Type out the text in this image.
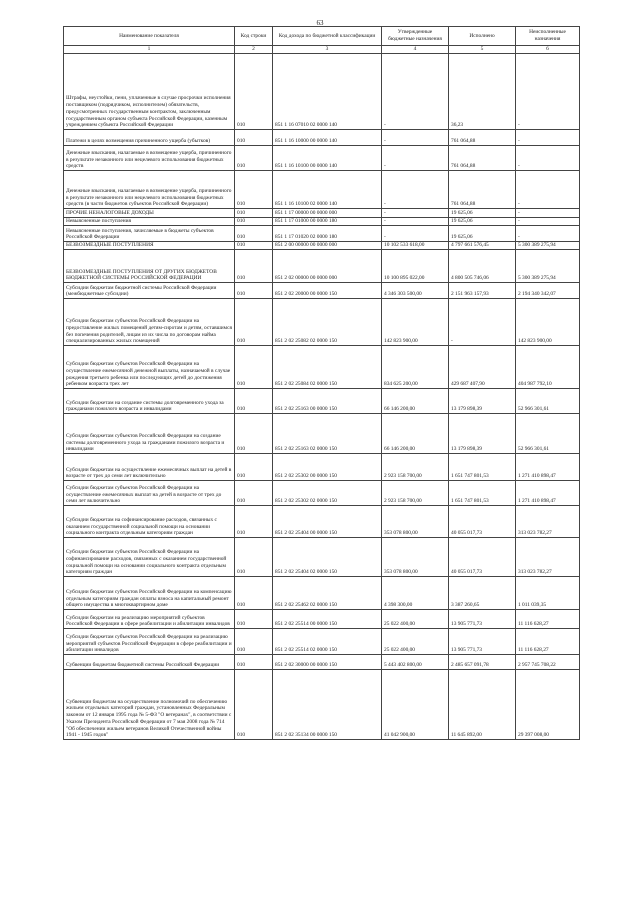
63
Наименование показателя	Код строки	Код дохода по бюджетной классификации	Утвержденные бюджетные назначения	Исполнено	Неисполненные назначения
1	2	3	4	5	6
Штрафы, неустойки, пени, уплаченные в случае просрочки исполнения поставщиком (подрядчиком, исполнителем) обязательств, предусмотренных государственным контрактом, заключенным государственным органом субъекта Российской Федерации, казенным учреждением субъекта Российской Федерации	010	851 1 16 07010 02 0000 140	-	36,23	-
Платежи в целях возмещения причиненного ущерба (убытков)	010	851 1 16 10000 00 0000 140	-	761 064,88	-
Денежные взыскания, налагаемые в возмещение ущерба, причиненного в результате незаконного или нецелевого использования бюджетных средств	010	851 1 16 10100 00 0000 140	-	761 064,88	-
Денежные взыскания, налагаемые в возмещение ущерба, причиненного в результате незаконного или нецелевого использования бюджетных средств (в части бюджетов субъектов Российской Федерации)	010	851 1 16 10100 02 0000 140	-	761 064,88	-
ПРОЧИЕ НЕНАЛОГОВЫЕ ДОХОДЫ	010	851 1 17 00000 00 0000 000	-	19 625,06	-
Невыясненные поступления	010	851 1 17 01000 00 0000 180	-	19 625,06	-
Невыясненные поступления, зачисляемые в бюджеты субъектов Российской Федерации	010	851 1 17 01020 02 0000 180	-	19 625,06	-
БЕЗВОЗМЕЗДНЫЕ ПОСТУПЛЕНИЯ	010	851 2 00 00000 00 0000 000	10 102 533 618,00	4 797 661 576,45	5 300 389 275,94
БЕЗВОЗМЕЗДНЫЕ ПОСТУПЛЕНИЯ ОТ ДРУГИХ БЮДЖЕТОВ БЮДЖЕТНОЙ СИСТЕМЫ РОССИЙСКОЙ ФЕДЕРАЦИИ	010	851 2 02 00000 00 0000 000	10 100 895 022,00	4 800 505 746,06	5 300 389 275,94
Субсидии бюджетам бюджетной системы Российской Федерации (межбюджетные субсидии)	010	851 2 02 20000 00 0000 150	4 346 303 500,00	2 151 963 157,93	2 194 340 342,07
Субсидии бюджетам субъектов Российской Федерации на предоставление жилых помещений детям-сиротам и детям, оставшимся без попечения родителей, лицам из их числа по договорам найма специализированных жилых помещений	010	851 2 02 25082 02 0000 150	142 823 900,00	-	142 823 900,00
Субсидии бюджетам субъектов Российской Федерации на осуществление ежемесячной денежной выплаты, назначаемой в случае рождения третьего ребенка или последующих детей до достижения ребенком возраста трех лет	010	851 2 02 25084 02 0000 150	834 625 200,00	429 687 407,90	404 987 792,10
Субсидии бюджетам на создание системы долговременного ухода за гражданами пожилого возраста и инвалидами	010	851 2 02 25163 00 0000 150	66 146 200,00	13 179 898,39	52 966 301,61
Субсидии бюджетам субъектов Российской Федерации на создание системы долговременного ухода за гражданами пожилого возраста и инвалидами	010	851 2 02 25163 02 0000 150	66 146 200,00	13 179 898,39	52 966 301,61
Субсидии бюджетам на осуществление ежемесячных выплат на детей в возрасте от трех до семи лет включительно	010	851 2 02 25302 00 0000 150	2 923 158 700,00	1 651 747 801,53	1 271 410 898,47
Субсидии бюджетам субъектов Российской Федерации на осуществление ежемесячных выплат на детей в возрасте от трех до семи лет включительно	010	851 2 02 25302 02 0000 150	2 923 158 700,00	1 651 747 801,53	1 271 410 898,47
Субсидии бюджетам на софинансирование расходов, связанных с оказанием государственной социальной помощи на основании социального контракта отдельным категориям граждан	010	851 2 02 25404 00 0000 150	353 078 800,00	40 055 017,73	313 023 782,27
Субсидии бюджетам субъектов Российской Федерации на софинансирование расходов, связанных с оказанием государственной социальной помощи на основании социального контракта отдельным категориям граждан	010	851 2 02 25404 02 0000 150	353 078 800,00	40 055 017,73	313 023 782,27
Субсидии бюджетам субъектов Российской Федерации на компенсацию отдельным категориям граждан оплаты взноса на капитальный ремонт общего имущества в многоквартирном доме	010	851 2 02 25462 02 0000 150	4 398 300,00	3 387 260,65	1 011 039,35
Субсидии бюджетам на реализацию мероприятий субъектов Российской Федерации в сфере реабилитации и абилитации инвалидов	010	851 2 02 25514 00 0000 150	25 022 400,00	13 905 771,73	11 116 628,27
Субсидии бюджетам субъектов Российской Федерации на реализацию мероприятий субъектов Российской Федерации в сфере реабилитации и абилитации инвалидов	010	851 2 02 25514 02 0000 150	25 022 400,00	13 905 771,73	11 116 628,27
Субвенции бюджетам бюджетной системы Российской Федерации	010	851 2 02 30000 00 0000 150	5 443 402 800,00	2 485 657 091,78	2 957 745 708,22
Субвенции бюджетам на осуществление полномочий по обеспечению жильем отдельных категорий граждан, установленных Федеральным законом от 12 января 1995 года № 5-ФЗ "О ветеранах", в соответствии с Указом Президента Российской Федерации от 7 мая 2008 года № 714 "Об обеспечении жильем ветеранов Великой Отечественной войны 1941 - 1945 годов"	010	851 2 02 35134 00 0000 150	41 042 900,00	11 645 892,00	29 397 008,00
